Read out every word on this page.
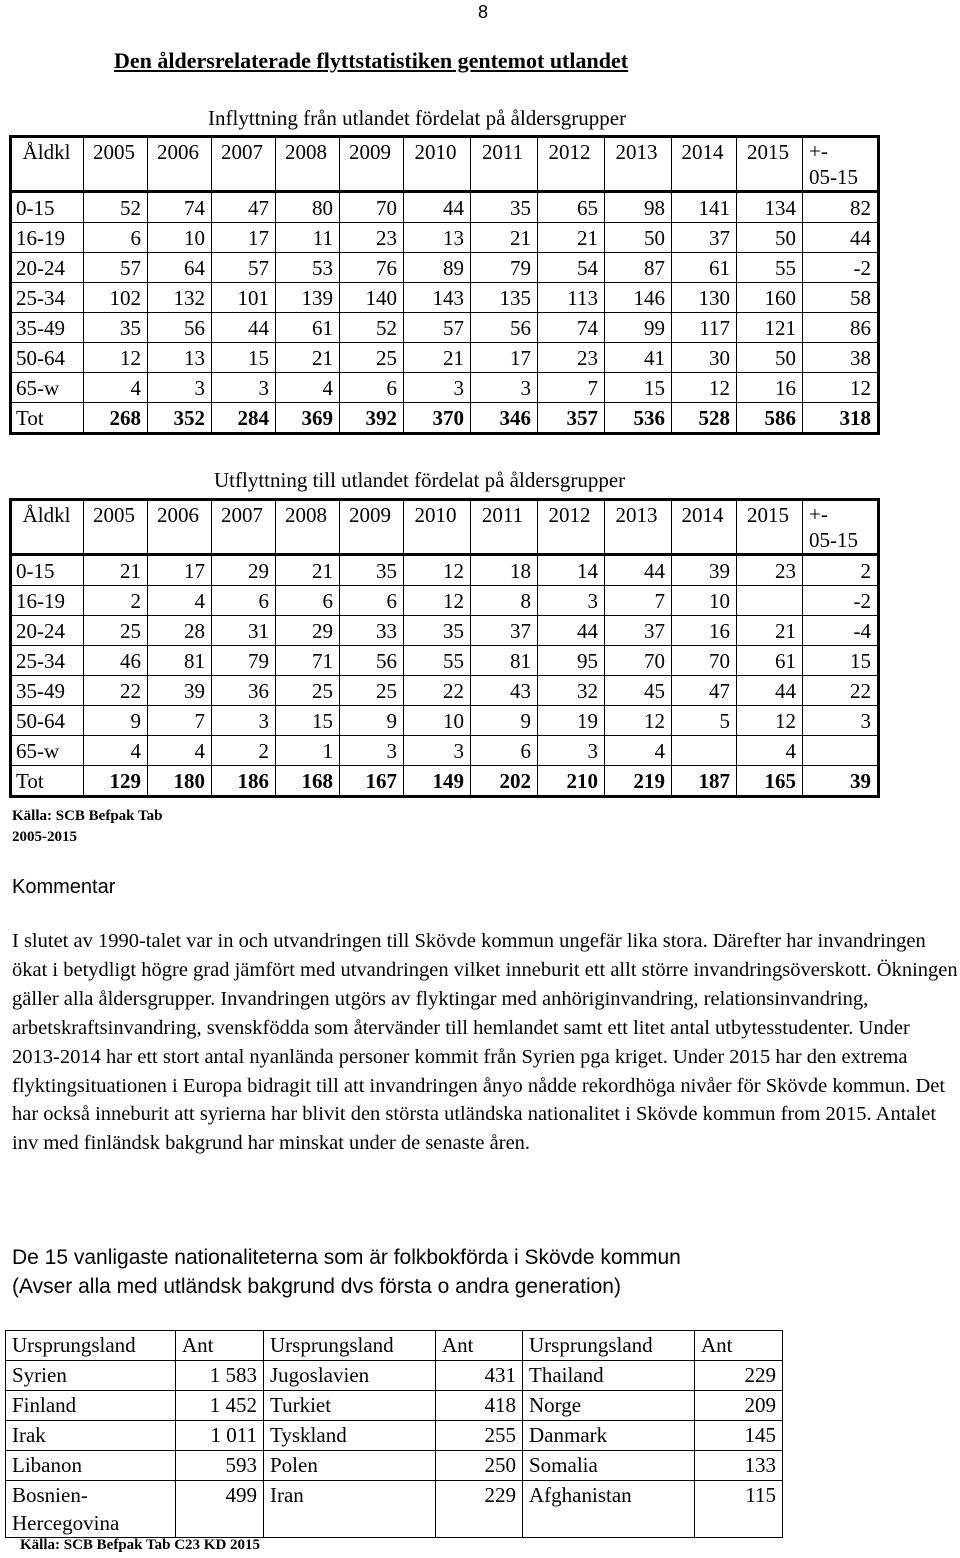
8
Den åldersrelaterade flyttstatistiken gentemot utlandet
Inflyttning från utlandet fördelat på åldersgrupper
Åldkl	2005	2006	2007	2008	2009	2010	2011	2012	2013	2014	2015	+-
05-15

0-15	52	74	47	80	70	44	35	65	98	141	134	82
16-19	6	10	17	11	23	13	21	21	50	37	50	44
20-24	57	64	57	53	76	89	79	54	87	61	55	-2
25-34	102	132	101	139	140	143	135	113	146	130	160	58
35-49	35	56	44	61	52	57	56	74	99	117	121	86
50-64	12	13	15	21	25	21	17	23	41	30	50	38
65-w	4	3	3	4	6	3	3	7	15	12	16	12
Tot	268	352	284	369	392	370	346	357	536	528	586	318
Utflyttning till utlandet fördelat på åldersgrupper
Åldkl	2005	2006	2007	2008	2009	2010	2011	2012	2013	2014	2015	+-
05-15

0-15	21	17	29	21	35	12	18	14	44	39	23	2
16-19	2	4	6	6	6	12	8	3	7	10		-2
20-24	25	28	31	29	33	35	37	44	37	16	21	-4
25-34	46	81	79	71	56	55	81	95	70	70	61	15
35-49	22	39	36	25	25	22	43	32	45	47	44	22
50-64	9	7	3	15	9	10	9	19	12	5	12	3
65-w	4	4	2	1	3	3	6	3	4		4	
Tot	129	180	186	168	167	149	202	210	219	187	165	39
Källa: SCB Befpak Tab
2005-2015
Kommentar
I slutet av 1990-talet var in och utvandringen till Skövde kommun ungefär lika stora. Därefter har invandringen ökat i betydligt högre grad jämfört med utvandringen vilket inneburit ett allt större invandringsöverskott. Ökningen gäller alla åldersgrupper. Invandringen utgörs av flyktingar med anhöriginvandring, relationsinvandring, arbetskraftsinvandring, svenskfödda som återvänder till hemlandet samt ett litet antal utbytesstudenter. Under 2013-2014 har ett stort antal nyanlända personer kommit från Syrien pga kriget. Under 2015 har den extrema flyktingsituationen i Europa bidragit till att invandringen ånyo nådde rekordhöga nivåer för Skövde kommun. Det har också inneburit att syrierna har blivit den största utländska nationalitet i Skövde kommun from 2015. Antalet inv med finländsk bakgrund har minskat under de senaste åren.
De 15 vanligaste nationaliteterna som är folkbokförda i Skövde kommun
(Avser alla med utländsk bakgrund dvs första o andra generation)
Ursprungsland	Ant	Ursprungsland	Ant	Ursprungsland	Ant
Syrien	1 583	Jugoslavien	431	Thailand	229
Finland	1 452	Turkiet	418	Norge	209
Irak	1 011	Tyskland	255	Danmark	145
Libanon	593	Polen	250	Somalia	133

Bosnien-
Hercegovina	499	Iran	229	Afghanistan	115
Källa: SCB Befpak Tab C23 KD 2015
